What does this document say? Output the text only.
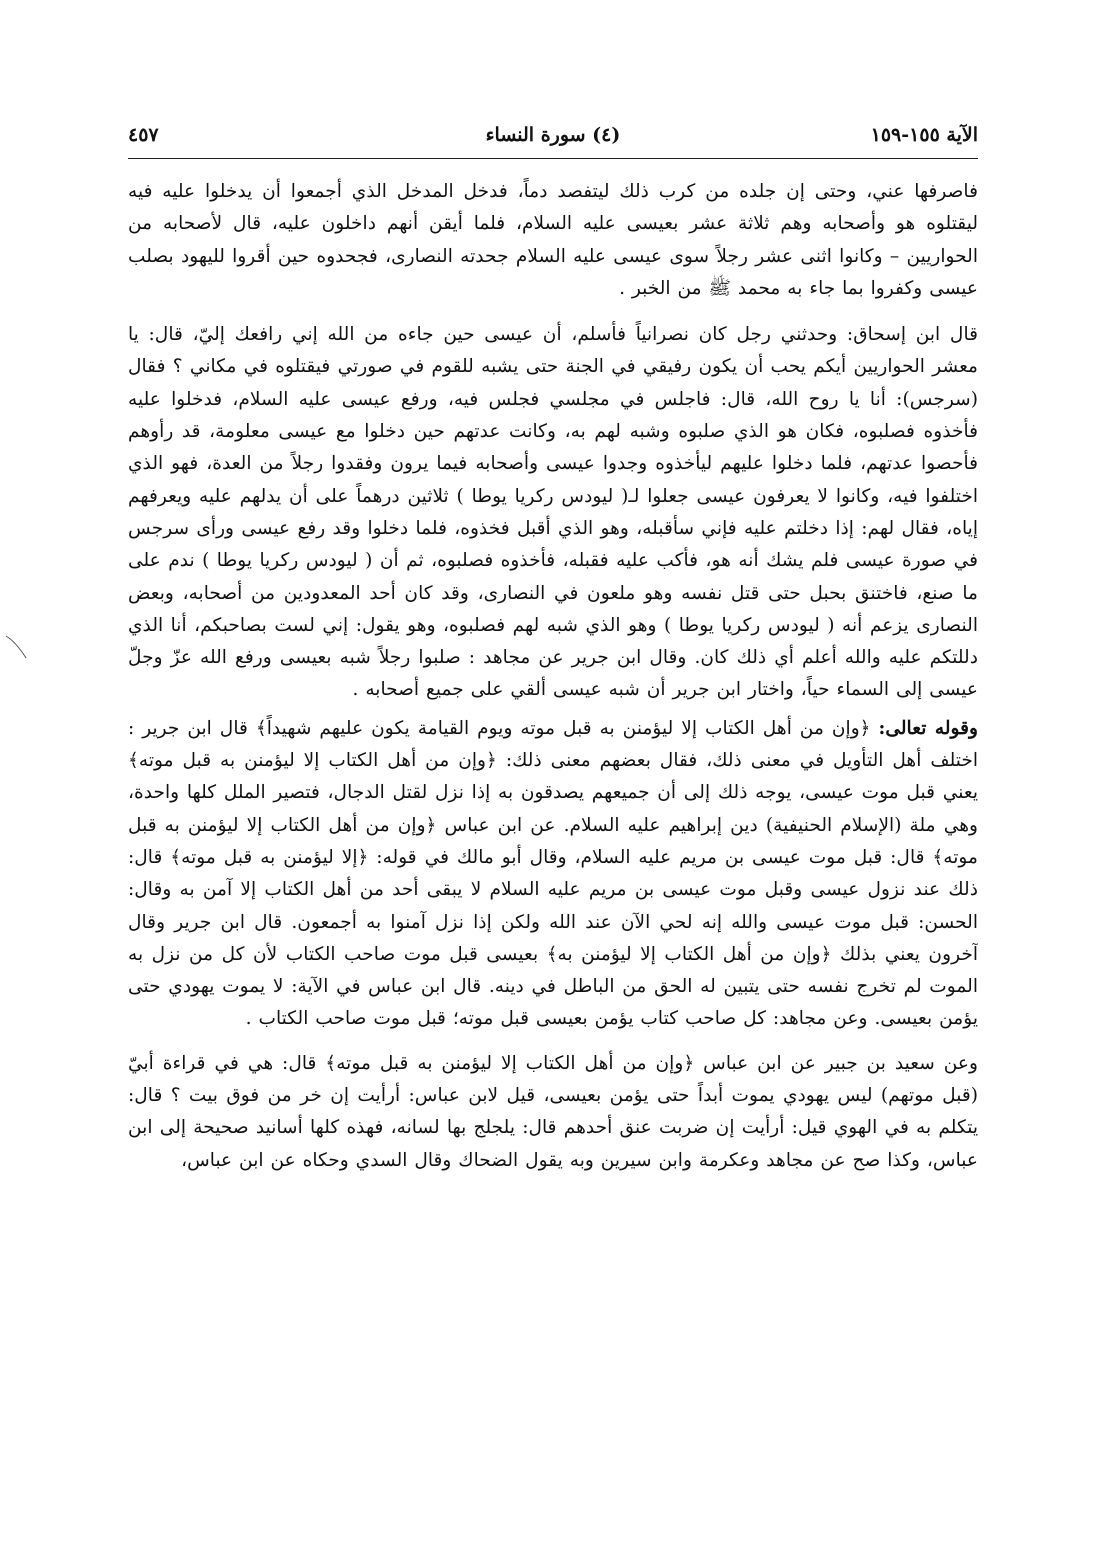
الآية ١٥٥-١٥٩
(٤) سورة النساء
٤٥٧

فاصرفها عني، وحتى إن جلده من كرب ذلك ليتفصد دماً، فدخل المدخل الذي أجمعوا أن يدخلوا عليه فيه ليقتلوه هو وأصحابه وهم ثلاثة عشر بعيسى عليه السلام، فلما أيقن أنهم داخلون عليه، قال لأصحابه من الحواريين – وكانوا اثنى عشر رجلاً سوى عيسى عليه السلام جحدته النصارى، فجحدوه حين أقروا لليهود بصلب عيسى وكفروا بما جاء به محمد ﷺ من الخبر .

قال ابن إسحاق: وحدثني رجل كان نصرانياً فأسلم، أن عيسى حين جاءه من الله إني رافعك إليّ، قال: يا معشر الحواريين أيكم يحب أن يكون رفيقي في الجنة حتى يشبه للقوم في صورتي فيقتلوه في مكاني ؟ فقال (سرجس): أنا يا روح الله، قال: فاجلس في مجلسي فجلس فيه، ورفع عيسى عليه السلام، فدخلوا عليه فأخذوه فصلبوه، فكان هو الذي صلبوه وشبه لهم به، وكانت عدتهم حين دخلوا مع عيسى معلومة، قد رأوهم فأحصوا عدتهم، فلما دخلوا عليهم ليأخذوه وجدوا عيسى وأصحابه فيما يرون وفقدوا رجلاً من العدة، فهو الذي اختلفوا فيه، وكانوا لا يعرفون عيسى جعلوا لـ( ليودس ركريا يوطا ) ثلاثين درهماً على أن يدلهم عليه ويعرفهم إياه، فقال لهم: إذا دخلتم عليه فإني سأقبله، وهو الذي أقبل فخذوه، فلما دخلوا وقد رفع عيسى ورأى سرجس في صورة عيسى فلم يشك أنه هو، فأكب عليه فقبله، فأخذوه فصلبوه، ثم أن ( ليودس ركريا يوطا ) ندم على ما صنع، فاختنق بحبل حتى قتل نفسه وهو ملعون في النصارى، وقد كان أحد المعدودين من أصحابه، وبعض النصارى يزعم أنه ( ليودس ركريا يوطا ) وهو الذي شبه لهم فصلبوه، وهو يقول: إني لست بصاحبكم، أنا الذي دللتكم عليه والله أعلم أي ذلك كان. وقال ابن جرير عن مجاهد : صلبوا رجلاً شبه بعيسى ورفع الله عزّ وجلّ عيسى إلى السماء حياً، واختار ابن جرير أن شبه عيسى ألقي على جميع أصحابه .

وقوله تعالى: ﴿وإن من أهل الكتاب إلا ليؤمنن به قبل موته ويوم القيامة يكون عليهم شهيداً﴾ قال ابن جرير : اختلف أهل التأويل في معنى ذلك، فقال بعضهم معنى ذلك: ﴿وإن من أهل الكتاب إلا ليؤمنن به قبل موته﴾ يعني قبل موت عيسى، يوجه ذلك إلى أن جميعهم يصدقون به إذا نزل لقتل الدجال، فتصير الملل كلها واحدة، وهي ملة (الإسلام الحنيفية) دين إبراهيم عليه السلام. عن ابن عباس ﴿وإن من أهل الكتاب إلا ليؤمنن به قبل موته﴾ قال: قبل موت عيسى بن مريم عليه السلام، وقال أبو مالك في قوله: ﴿إلا ليؤمنن به قبل موته﴾ قال: ذلك عند نزول عيسى وقبل موت عيسى بن مريم عليه السلام لا يبقى أحد من أهل الكتاب إلا آمن به وقال: الحسن: قبل موت عيسى والله إنه لحي الآن عند الله ولكن إذا نزل آمنوا به أجمعون. قال ابن جرير وقال آخرون يعني بذلك ﴿وإن من أهل الكتاب إلا ليؤمنن به﴾ بعيسى قبل موت صاحب الكتاب لأن كل من نزل به الموت لم تخرج نفسه حتى يتبين له الحق من الباطل في دينه. قال ابن عباس في الآية: لا يموت يهودي حتى يؤمن بعيسى. وعن مجاهد: كل صاحب كتاب يؤمن بعيسى قبل موته؛ قبل موت صاحب الكتاب .

وعن سعيد بن جبير عن ابن عباس ﴿وإن من أهل الكتاب إلا ليؤمنن به قبل موته﴾ قال: هي في قراءة أبيّ (قبل موتهم) ليس يهودي يموت أبداً حتى يؤمن بعيسى، قيل لابن عباس: أرأيت إن خر من فوق بيت ؟ قال: يتكلم به في الهوي قيل: أرأيت إن ضربت عنق أحدهم قال: يلجلج بها لسانه، فهذه كلها أسانيد صحيحة إلى ابن عباس، وكذا صح عن مجاهد وعكرمة وابن سيرين وبه يقول الضحاك وقال السدي وحكاه عن ابن عباس،
